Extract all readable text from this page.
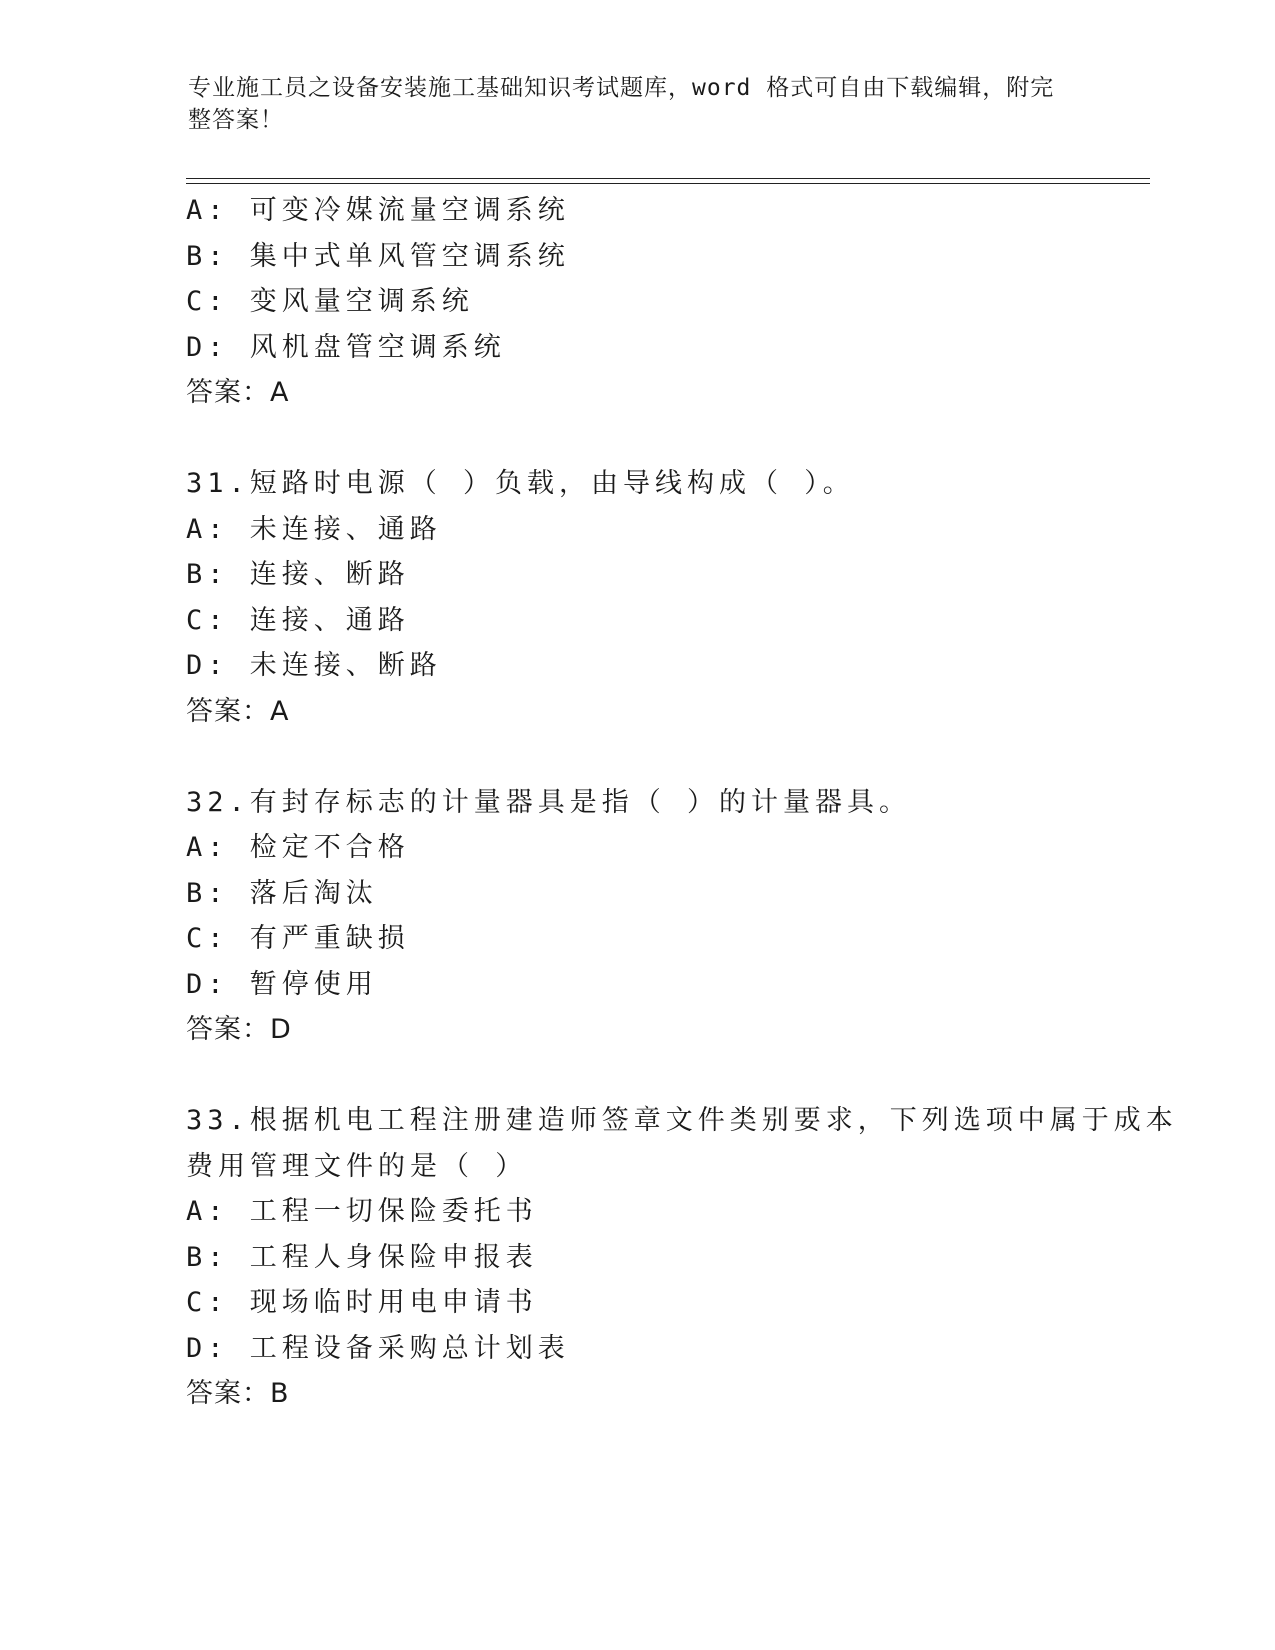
专业施工员之设备安装施工基础知识考试题库，word 格式可自由下载编辑，附完
整答案！
A: 可变冷媒流量空调系统
B: 集中式单风管空调系统
C: 变风量空调系统
D: 风机盘管空调系统
答案：A
31.短路时电源（ ）负载，由导线构成（ ）。
A: 未连接、通路
B: 连接、断路
C: 连接、通路
D: 未连接、断路
答案：A
32.有封存标志的计量器具是指（ ）的计量器具。
A: 检定不合格
B: 落后淘汰
C: 有严重缺损
D: 暂停使用
答案：D
33.根据机电工程注册建造师签章文件类别要求，下列选项中属于成本
费用管理文件的是（ ）
A: 工程一切保险委托书
B: 工程人身保险申报表
C: 现场临时用电申请书
D: 工程设备采购总计划表
答案：B
